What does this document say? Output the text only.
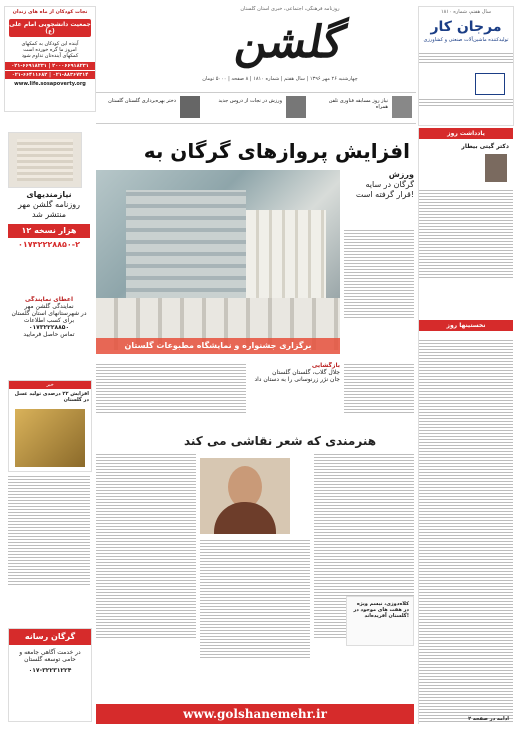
روزنامه فرهنگی، اجتماعی، خبری استان گلستان
گلشن
چهارشنبه ۲۶ مهر ۱۳۹۶ | سال هفتم | شماره ۱۸۱۰ | ۸ صفحه | ۵۰۰۰ تومان
نجات کودکان از ماه های زندان
جمعیت دانشجویی امام علی (ع)
آینده این کودکان به کمکهای
امروز ما گره خورده است
کمکهای آینده‌تان تداوم شود
۰۲۱-۶۶۹۱۸۲۳۱ | ۲۰۰۰۶۶۹۱۸۲۳۱
۰۲۱-۶۶۴۱۱۶۸۲ | ۰۲۱-۸۸۳۶۷۳۱۴
www.life.sosapoverty.org
نیاز روز مسابقه فناوری تلفن همراه
ورزش در نجات از دروس جدید
دختر بهره‌برداری گلستان گلستان
سال هفتم، شماره ۱۸۱۰
مرجان کار
تولیدکننده ماشین‌آلات صنعتی و کشاورزی
افزایش پروازهای گرگان به
برگزاری جشنواره و نمایشگاه مطبوعات گلستان
ورزش
گرگان در سایه
قرار گرفته است!
یادداشت روز
دکتر گیتی بیطار
نخستینها روز
ادامه در صفحه ۲
نیازمندیهای
روزنامه گلشن مهر
منتشر شد
۱۲ هزار نسخه
۰۱۷۳۲۲۲۸۸۵۰-۲
اعطای نمایندگی
نمایندگی گلشن مهر
در شهرستانهای استان گلستان
برای کسب اطلاعات
۰۱۷۳۲۲۲۸۸۵۰
تماس حاصل فرمایید
خبر
افزایش ۲۲ درصدی تولید عسل در گلستان
گرگان رسانه
در خدمت آگاهی جامعه و حامی توسعه گلستان
۰۱۷-۳۲۲۳۱۲۲۴
بازگشایی
جلال گلاب، گلستان گلستان
جان نژر زرنوسانی را به دستان داد
هنرمندی که شعر نقاشی می کند
کلاه‌دوزی، نیسم ویژه در هفت های موجود در گلستان آفریده‌اند!
www.golshanemehr.ir
